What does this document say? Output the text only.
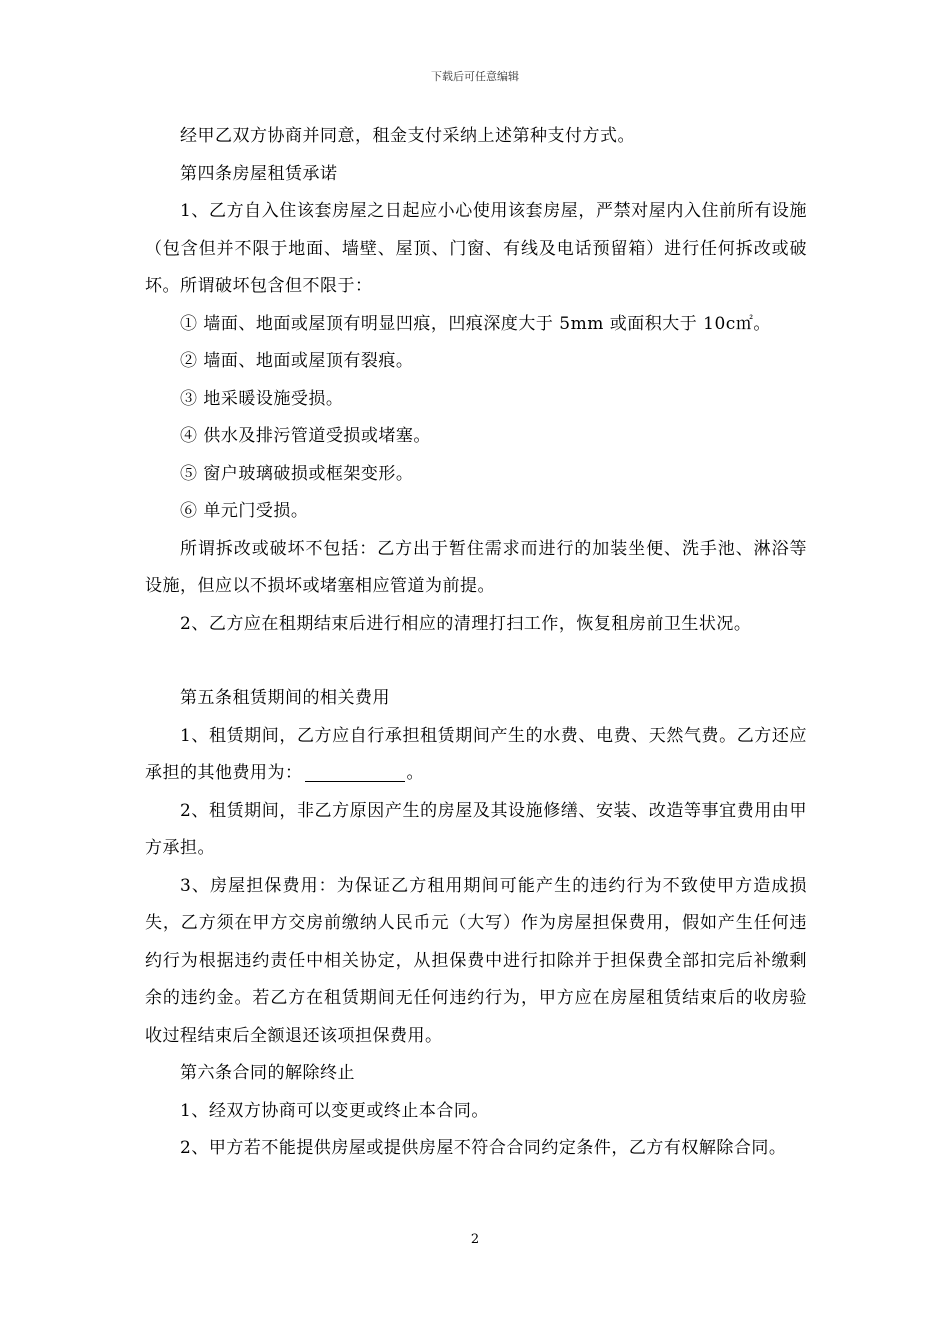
下载后可任意编辑

经甲乙双方协商并同意，租金支付采纳上述第种支付方式。

第四条房屋租赁承诺

1、乙方自入住该套房屋之日起应小心使用该套房屋，严禁对屋内入住前所有设施（包含但并不限于地面、墙壁、屋顶、门窗、有线及电话预留箱）进行任何拆改或破坏。所谓破坏包含但不限于：

① 墙面、地面或屋顶有明显凹痕，凹痕深度大于 5mm 或面积大于 10c㎡。

② 墙面、地面或屋顶有裂痕。

③ 地采暖设施受损。

④ 供水及排污管道受损或堵塞。

⑤ 窗户玻璃破损或框架变形。

⑥ 单元门受损。

所谓拆改或破坏不包括：乙方出于暂住需求而进行的加装坐便、洗手池、淋浴等设施，但应以不损坏或堵塞相应管道为前提。

2、乙方应在租期结束后进行相应的清理打扫工作，恢复租房前卫生状况。

第五条租赁期间的相关费用

1、租赁期间，乙方应自行承担租赁期间产生的水费、电费、天然气费。乙方还应承担的其他费用为：	。

2、租赁期间，非乙方原因产生的房屋及其设施修缮、安装、改造等事宜费用由甲方承担。

3、房屋担保费用：为保证乙方租用期间可能产生的违约行为不致使甲方造成损失，乙方须在甲方交房前缴纳人民币元（大写）作为房屋担保费用，假如产生任何违约行为根据违约责任中相关协定，从担保费中进行扣除并于担保费全部扣完后补缴剩余的违约金。若乙方在租赁期间无任何违约行为，甲方应在房屋租赁结束后的收房验收过程结束后全额退还该项担保费用。

第六条合同的解除终止

1、经双方协商可以变更或终止本合同。

2、甲方若不能提供房屋或提供房屋不符合合同约定条件，乙方有权解除合同。

2
